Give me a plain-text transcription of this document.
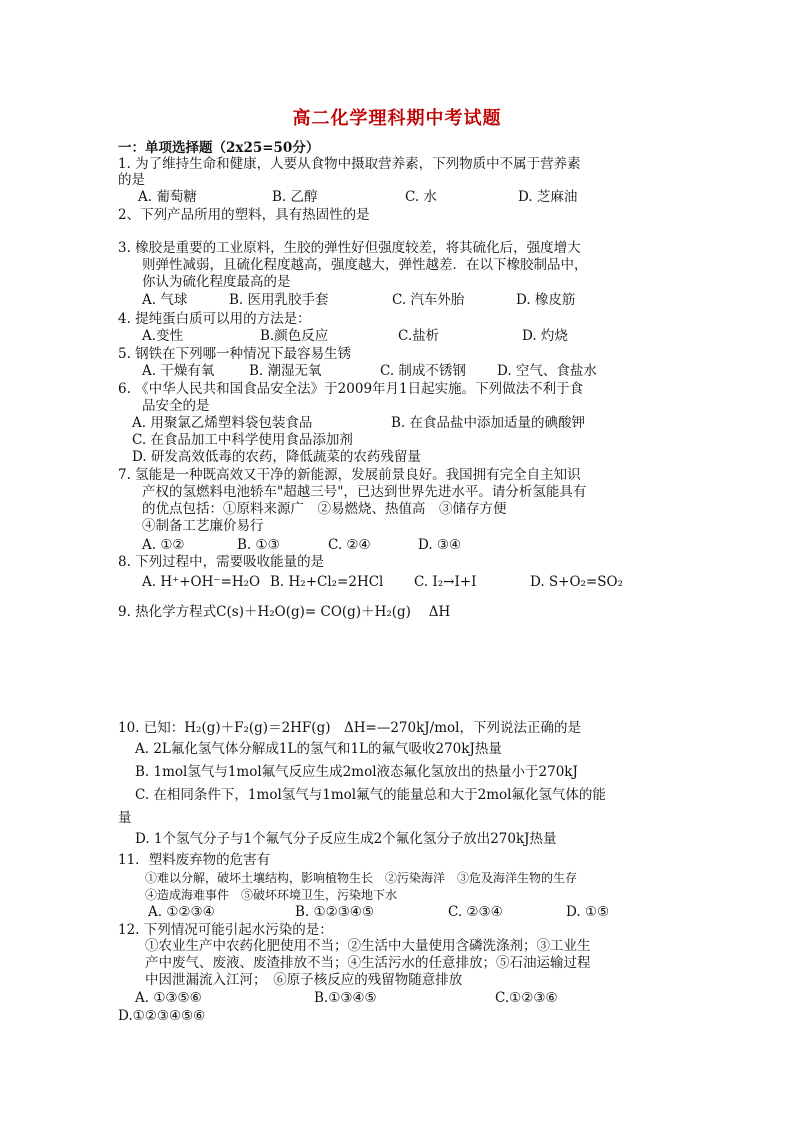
高二化学理科期中考试题
一：单项选择题（2x25=50分）
1. 为了维持生命和健康，人要从食物中摄取营养素，下列物质中不属于营养素
的是
A. 葡萄糖	B. 乙醇	C. 水	D. 芝麻油
2、下列产品所用的塑料，具有热固性的是
3. 橡胶是重要的工业原料，生胶的弹性好但强度较差，将其硫化后，强度增大
则弹性减弱，且硫化程度越高，强度越大，弹性越差．在以下橡胶制品中，
你认为硫化程度最高的是
A. 气球	B. 医用乳胶手套	C. 汽车外胎	D. 橡皮筋
4. 提纯蛋白质可以用的方法是：
A.变性	B.颜色反应	C.盐析	D. 灼烧
5. 钢铁在下列哪一种情况下最容易生锈
A. 干燥有氧	B. 潮湿无氧	C. 制成不锈钢 D. 空气、食盐水
6. 《中华人民共和国食品安全法》于2009年月1日起实施。下列做法不利于食
品安全的是
A. 用聚氯乙烯塑料袋包装食品	B. 在食品盐中添加适量的碘酸钾
C. 在食品加工中科学使用食品添加剂
D. 研发高效低毒的农药，降低蔬菜的农药残留量
7. 氢能是一种既高效又干净的新能源，发展前景良好。我国拥有完全自主知识
产权的氢燃料电池轿车"超越三号"，已达到世界先进水平。请分析氢能具有
的优点包括：①原料来源广　②易燃烧、热值高　③储存方便
④制备工艺廉价易行
A. ①②	B. ①③	C. ②④	D. ③④
8. 下列过程中，需要吸收能量的是
A. H⁺+OH⁻=H₂O B. H₂+Cl₂=2HCl C. I₂→I+I	D. S+O₂=SO₂
9. 热化学方程式C(s)＋H₂O(g)= CO(g)＋H₂(g)　 ΔH
10. 已知：H₂(g)＋F₂(g)＝2HF(g)　ΔH=—270kJ/mol，下列说法正确的是
A. 2L氟化氢气体分解成1L的氢气和1L的氟气吸收270kJ热量
B. 1mol氢气与1mol氟气反应生成2mol液态氟化氢放出的热量小于270kJ
C. 在相同条件下，1mol氢气与1mol氟气的能量总和大于2mol氟化氢气体的能
量
D. 1个氢气分子与1个氟气分子反应生成2个氟化氢分子放出270kJ热量
11．塑料废弃物的危害有
①难以分解，破坏土壤结构，影响植物生长　②污染海洋　③危及海洋生物的生存
④造成海难事件　⑤破坏环境卫生，污染地下水
A. ①②③④	B. ①②③④⑤	C. ②③④	D. ①⑤
12. 下列情况可能引起水污染的是：
①农业生产中农药化肥使用不当；②生活中大量使用含磷洗涤剂；③工业生
产中废气、废液、废渣排放不当；④生活污水的任意排放；⑤石油运输过程
中因泄漏流入江河；　⑥原子核反应的残留物随意排放
A. ①③⑤⑥	B.①③④⑤	C.①②③⑥
D.①②③④⑤⑥
